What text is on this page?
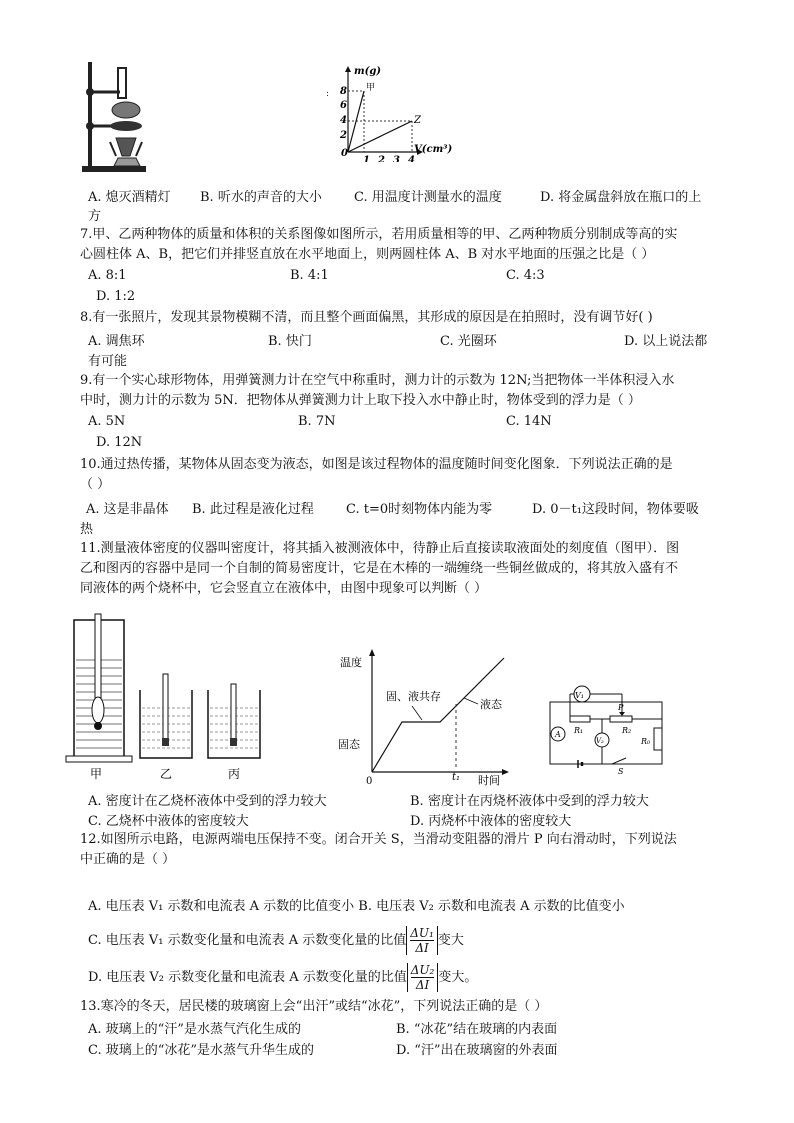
:
m(g)
V(cm³)
0
2
4
6
8
1 2 3 4
甲
Z
A. 熄灭酒精灯 B. 听水的声音的大小 C. 用温度计测量水的温度	D. 将金属盘斜放在瓶口的上
方
7.甲、乙两种物体的质量和体积的关系图像如图所示，若用质量相等的甲、乙两种物质分别制成等高的实
心圆柱体 A、B，把它们并排竖直放在水平地面上，则两圆柱体 A、B 对水平地面的压强之比是（ ）
A. 8:1	B. 4:1	C. 4:3
D. 1:2
8.有一张照片，发现其景物模糊不清，而且整个画面偏黑，其形成的原因是在拍照时，没有调节好( )
A. 调焦环	B. 快门	C. 光圈环	D. 以上说法都
有可能
9.有一个实心球形物体，用弹簧测力计在空气中称重时，测力计的示数为 12N;当把物体一半体积浸入水
中时，测力计的示数为 5N．把物体从弹簧测力计上取下投入水中静止时，物体受到的浮力是（ ）
A. 5N	B. 7N	C. 14N
D. 12N
10.通过热传播，某物体从固态变为液态，如图是该过程物体的温度随时间变化图象．下列说法正确的是
（ ）
A. 这是非晶体 B. 此过程是液化过程 C. t=0时刻物体内能为零	D. 0－t₁这段时间，物体要吸
热
11.测量液体密度的仪器叫密度计，将其插入被测液体中，待静止后直接读取液面处的刻度值（图甲）．图
乙和图丙的容器中是同一个自制的简易密度计，它是在木棒的一端缠绕一些铜丝做成的，将其放入盛有不
同液体的两个烧杯中，它会竖直立在液体中，由图中现象可以判断（ ）
甲	乙	丙
温度
时间
0	t₁
固态
固、液共存
液态
V₁
R₁
P
R₂
R₀
A
V₂
S
A. 密度计在乙烧杯液体中受到的浮力较大	B. 密度计在丙烧杯液体中受到的浮力较大
C. 乙烧杯中液体的密度较大	D. 丙烧杯中液体的密度较大
12.如图所示电路，电源两端电压保持不变。闭合开关 S，当滑动变阻器的滑片 P 向右滑动时，下列说法
中正确的是（ ）
A. 电压表 V₁ 示数和电流表 A 示数的比值变小 B. 电压表 V₂ 示数和电流表 A 示数的比值变小
C. 电压表 V₁ 示数变化量和电流表 A 示数变化量的比值 $\frac{\text{ΔU₁}}{\Delta I}$ 变大
D. 电压表 V₂ 示数变化量和电流表 A 示数变化量的比值 $\frac{\text{ΔU₂}}{\Delta I}$ 变大。
13.寒冷的冬天，居民楼的玻璃窗上会“出汗”或结“冰花”，下列说法正确的是（ ）
A. 玻璃上的“汗”是水蒸气汽化生成的	B. “冰花”结在玻璃的内表面
C. 玻璃上的“冰花”是水蒸气升华生成的	D. “汗”出在玻璃窗的外表面
